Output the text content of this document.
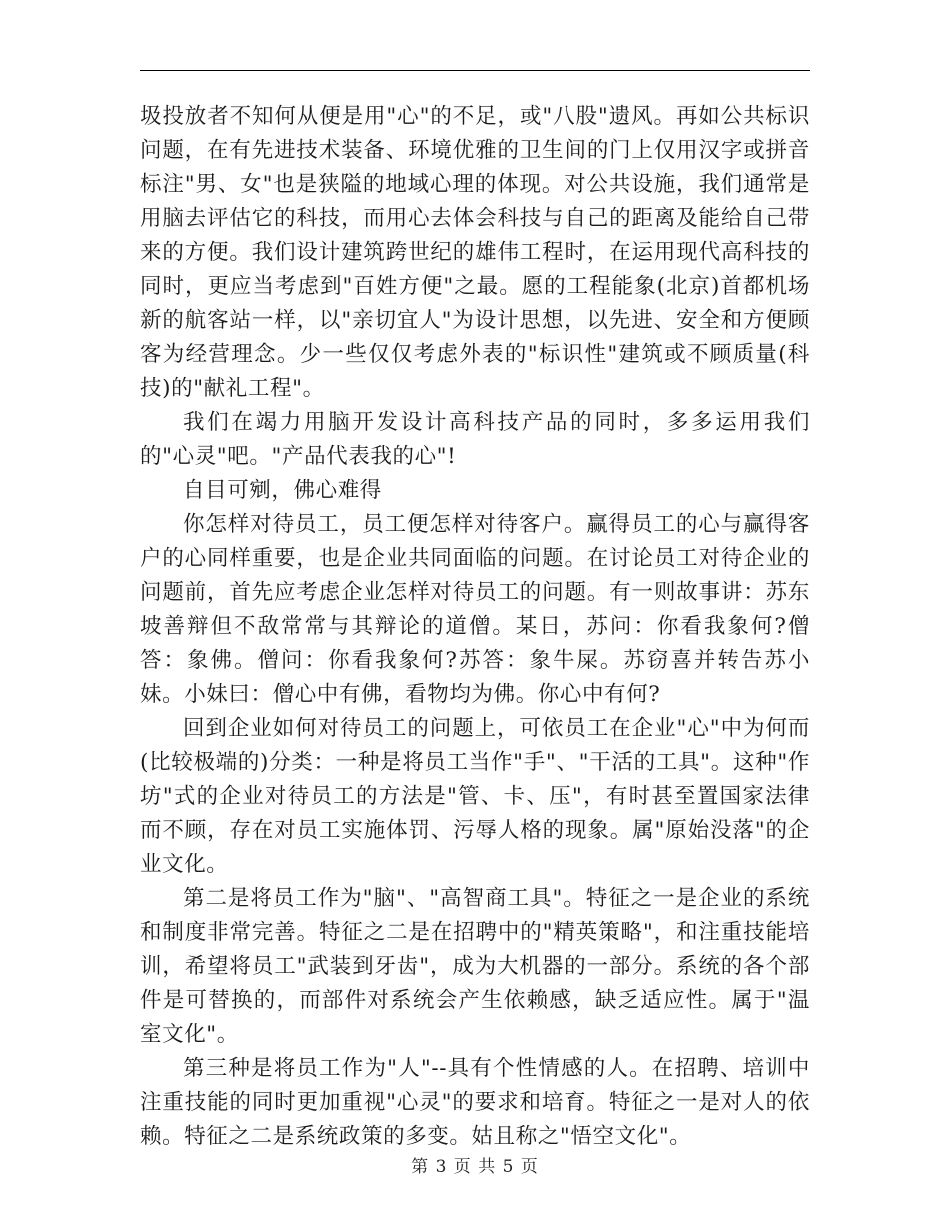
圾投放者不知何从便是用"心"的不足，或"八股"遗风。再如公共标识问题，在有先进技术装备、环境优雅的卫生间的门上仅用汉字或拼音标注"男、女"也是狭隘的地域心理的体现。对公共设施，我们通常是用脑去评估它的科技，而用心去体会科技与自己的距离及能给自己带来的方便。我们设计建筑跨世纪的雄伟工程时，在运用现代高科技的同时，更应当考虑到"百姓方便"之最。愿的工程能象(北京)首都机场新的航客站一样，以"亲切宜人"为设计思想，以先进、安全和方便顾客为经营理念。少一些仅仅考虑外表的"标识性"建筑或不顾质量(科技)的"献礼工程"。

我们在竭力用脑开发设计高科技产品的同时，多多运用我们的"心灵"吧。"产品代表我的心"!

自目可剜，佛心难得

你怎样对待员工，员工便怎样对待客户。赢得员工的心与赢得客户的心同样重要，也是企业共同面临的问题。在讨论员工对待企业的问题前，首先应考虑企业怎样对待员工的问题。有一则故事讲：苏东坡善辩但不敌常常与其辩论的道僧。某日，苏问：你看我象何?僧答：象佛。僧问：你看我象何?苏答：象牛屎。苏窃喜并转告苏小妹。小妹曰：僧心中有佛，看物均为佛。你心中有何?

回到企业如何对待员工的问题上，可依员工在企业"心"中为何而(比较极端的)分类：一种是将员工当作"手"、"干活的工具"。这种"作坊"式的企业对待员工的方法是"管、卡、压"，有时甚至置国家法律而不顾，存在对员工实施体罚、污辱人格的现象。属"原始没落"的企业文化。

第二是将员工作为"脑"、"高智商工具"。特征之一是企业的系统和制度非常完善。特征之二是在招聘中的"精英策略"，和注重技能培训，希望将员工"武装到牙齿"，成为大机器的一部分。系统的各个部件是可替换的，而部件对系统会产生依赖感，缺乏适应性。属于"温室文化"。

第三种是将员工作为"人"--具有个性情感的人。在招聘、培训中注重技能的同时更加重视"心灵"的要求和培育。特征之一是对人的依赖。特征之二是系统政策的多变。姑且称之"悟空文化"。

第 3 页 共 5 页
